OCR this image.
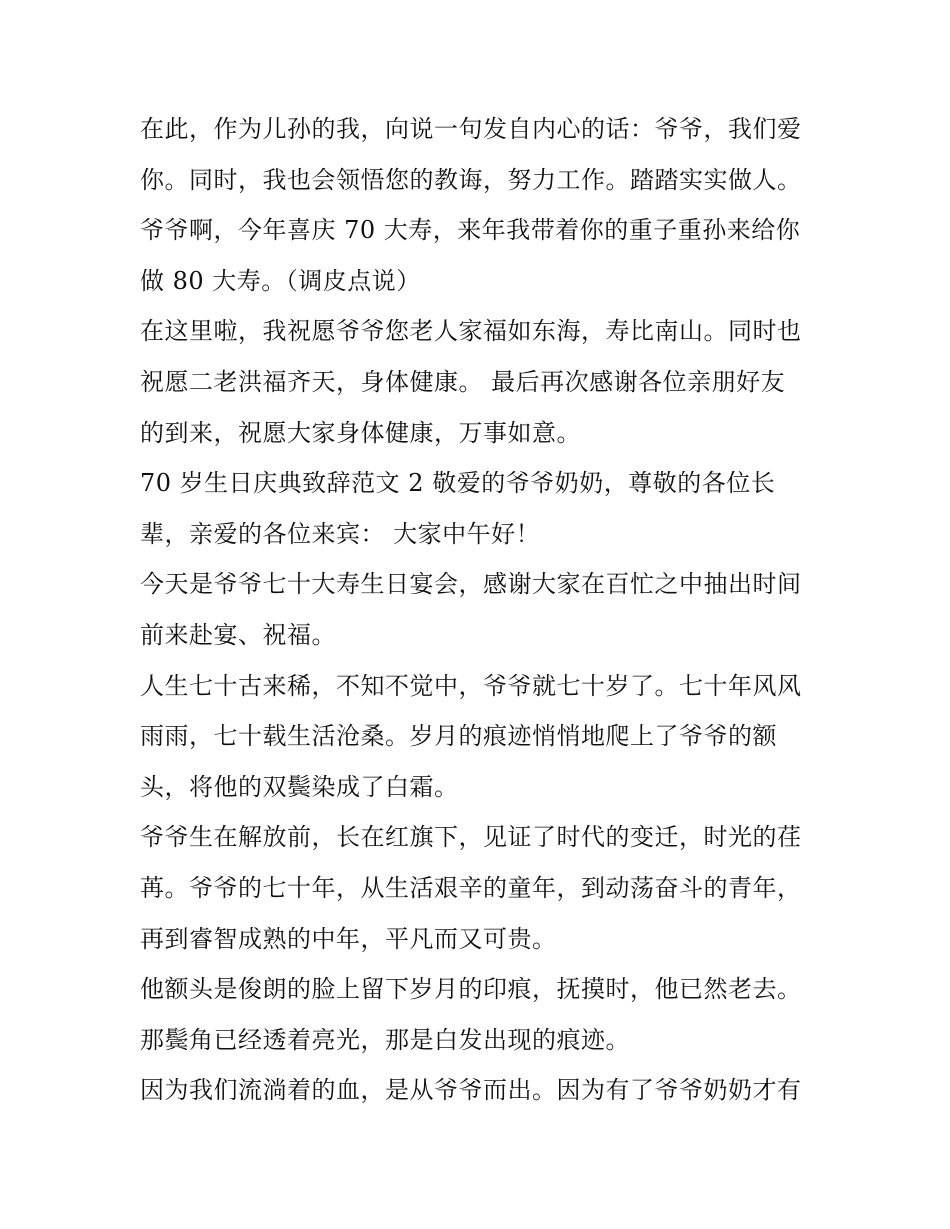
在此，作为儿孙的我，向说一句发自内心的话：爷爷，我们爱
你。同时，我也会领悟您的教诲，努力工作。踏踏实实做人。
爷爷啊，今年喜庆 70 大寿，来年我带着你的重子重孙来给你
做 80 大寿。（调皮点说）
在这里啦，我祝愿爷爷您老人家福如东海，寿比南山。同时也
祝愿二老洪福齐天，身体健康。 最后再次感谢各位亲朋好友
的到来，祝愿大家身体健康，万事如意。
70 岁生日庆典致辞范文 2 敬爱的爷爷奶奶，尊敬的各位长
辈，亲爱的各位来宾： 大家中午好！
今天是爷爷七十大寿生日宴会，感谢大家在百忙之中抽出时间
前来赴宴、祝福。
人生七十古来稀，不知不觉中，爷爷就七十岁了。七十年风风
雨雨，七十载生活沧桑。岁月的痕迹悄悄地爬上了爷爷的额
头，将他的双鬓染成了白霜。
爷爷生在解放前，长在红旗下，见证了时代的变迁，时光的荏
苒。爷爷的七十年，从生活艰辛的童年，到动荡奋斗的青年，
再到睿智成熟的中年，平凡而又可贵。
他额头是俊朗的脸上留下岁月的印痕，抚摸时，他已然老去。
那鬓角已经透着亮光，那是白发出现的痕迹。
因为我们流淌着的血，是从爷爷而出。因为有了爷爷奶奶才有
